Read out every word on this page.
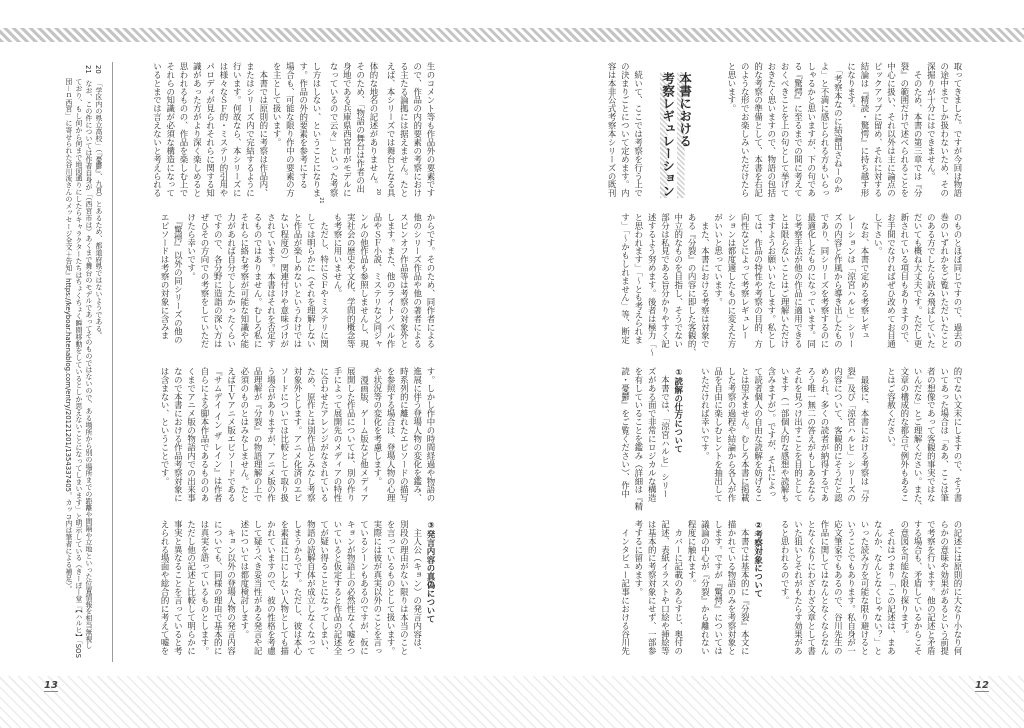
取ってきました。ですが今回は物語
の途中までしか扱わないため、その
深掘りが十分にはできません。
　そのため、本書の第三章では『分
裂』の範囲だけで述べられることを
中心に扱い、それ以外は主に論点の
ピックアップに留め、それに対する
結論は『精読・驚愕』に持ち越す形
になります。
　「考察本なのに結論出さねーのか
よ」と不満に感じられる方もいらっ
しゃるかと思いますが、下の句であ
る『驚愕』に至るまでの間に考えて
おくべきことを上の句として挙げて
おきたく思いますので、物語の包括
的な考察の準備として、本書を右記
のような形でお楽しみいただけたら
と思います。
本書における
考察レギュレーション
　続いて、ここでは考察を行う上で
の決まりごとについて定めます。内
容は本非公式考察本シリーズの既刊
のものとほぼ同じですので、過去の
巻のいずれかをご覧いただいたこと
のある方でしたら読み飛ばしていた
だいても概ね大丈夫です。ただし更
新されている項目もありますので、
お手間でなければぜひ改めてお目通
し下さい。
　なお、本書で定める考察レギュ
レーションは「涼宮ハルヒ」シリー
ズの内容と作風から導き出したもの
であり、同シリーズを考察するのに
最適化したものになっています。同
じ考察手法が他の作品に適用できる
とは限らないことはご理解いただけ
ますようお願いいたします。私とし
ては、作品の特性や考察の目的、方
向性などによって考察レギュレー
ションは都度適したものに変えた方
がいいと思っています。
　また、本書における考察は対象で
ある『分裂』の内容に即した客観的、
中立的なものを目指し、そうでない
部分は私見である旨分かりやすく記
述するよう努めます。後者は極力「〜
と思われます」「〜とも考えられま
す」「〜かもしれません」等、断定
的でない文末にしますので、そう書
いてあった場合は「ああ、ここは筆
者の想像であって客観的事実ではな
いんだな」とご理解ください。また、
文章の構成的な都合で例外もあるこ
とはご容赦ください。
　最後に、本書における考察は『分
裂』及び「涼宮ハルヒ」シリーズの
内容について、客観的にそうだと認
められ、多くの読者が納得するであ
ろう唯一無二の答えがもしあるなら
それを見つけ出すことを目的として
います（一部個人的な感想や読解も
含みますが）。ですが、それによっ
て読者個人の自由な読解を妨げるこ
とは望みません。むしろ本書に掲載
した考察の過程や結論から各人が作
品を自由に楽しむヒントを抽出して
いただければ幸いです。
①読解の仕方について
　本書では、「涼宮ハルヒ」シリー
ズがある面で非常にロジカルな構造
を有していることを鑑み（詳細は『精
読・憂鬱』をご覧ください）、作中
の記述には原則的に大なり小なり何
らかの意味や効果があるという前提
で考察を行います。他の記述と矛盾
する場合も、矛盾しているからこそ
の意図を可能な限り探ります。
　それはつまり「この記述は、まあ
なんか、なんとなくじゃない？」と
いった読み方を可能な限り避けると
いうことでもあります。私自身が一
応文筆家でもあるので、谷川先生の
作品に関してはなんとなくならなん
となくなりにわざわざ文章として書
いた狙いとそれがもたらす効果があ
ると思われるのです。
②考察対象について
　本書では基本的に『分裂』本文に
描かれている物語のみを考察対象と
します。ですが『驚愕』については
議論の中心が『分裂』から離れない
程度に触れます。
　カバーに記載のあらすじ、奥付の
記述、表紙イラストや口絵や挿絵等
は基本的に考察対象にせず、一部参
考するに留めます。
　インタビュー記事における谷川先
生のコメント等も作品外の要素です
ので、作品の内的要素の考察におけ
る主たる論拠には据えません。たと
えば、本シリーズでは舞台となる具
体的な地名の記述がありません。$^{20}$
そのため、「物語の舞台は作者の出
身地である兵庫県西宮市がモデルに
なっているので云々」といった考察
し方はしない、ということになりま$^{21}$
す。作品の外的要素を参考にする
場合も、可能な限り作中の要素の方
を主として扱います。
　本書では原則的に考察は作品内、
またはシリーズ内で完結するように
行います。何故なら、本シリーズに
は様々なＳＦ的・ミステリ的引用や
パロディが見られそれらに関する知
識があった方がより深く楽しめると
思われるものの、作品を楽しむ上で
それらの知識が必須な構造になって
いるとまでは言えないと考えられる
からです。そのため、同作者による
他のシリーズ作品や他の著者による
スピンオフ作品等は考察の対象外と
します。また、他のライトノベル作
品やＳＦ小説、ミステリなど同ジャ
ンルの他作品も参照しませんし、現
実社会の歴史や文化、学問的概念等
も考察に用いません。
　ただし、特にＳＦやミステリに関
しては明らかに（それを理解しない
と作品が楽しめないというわけでは
ない程度の）関連付けや意味づけが
されています。本書はそれを否定す
るものではありません。むしろ私に
それらに絡む考察が可能な知識や能
力があれば自分でしたかったくらい
ですので、各分野に造詣の深い方は
ぜひその方向での考察をしていただ
けたら幸いです。
　『驚愕』以外の同シリーズの他の
エピソードは考察の対象に含みま
す。しかし作中の時間経過や物語の
進展に伴う登場人物の変化を鑑み、
時系列的に離れたエピソードの描写
を参照する場合は、登場人物の心理
や状況等の変化を考慮します。
　漫画版、ゲーム版など他メディア
展開した作品については、別の作り
手によって展開先のメディアの特性
に合わせたアレンジがなされている
ため、原作とは別作品とみなし考察
対象外とします。アニメ化済のエピ
ソードについては比較として取り扱
う場合がありますが、アニメ版の作
品理解が『分裂』の物語理解の上で
必須のものとはみなしません。たと
えばＴＶアニメ版エピソードである
『サムデイ イン ザ レイン』は作者
自らによる脚本作品であるもののあ
くまでアニメ版の物語内での出来事
なので本書における作品考察対象に
は含まない、ということです。
③発言内容の真偽について
　主人公（キョン）の発言内容は、
別段の理由がない限りは本当のこと
を言っているものとして扱います。
実際には彼が真実以外のことを言っ
ているシーンもあるのですが、仮に
キョンが物語上の必然性なく嘘をつ
いていると仮定すると作品の記述全
てが疑い得ることになってしまい、
物語の読解自体が成立しなくなって
しまうからです。ただし、彼は本心
を素直に口にしない人物としても描
かれていますので、彼の性格を考慮
して疑うべき妥当性がある発言や記
述については都度検討します。
　キョン以外の登場人物の発言内容
についても、同様の理由で基本的に
は真実を語っているものとします。
ただし他の記述と比較して明らかに
事実と異なることを言っていると考
えられる場面や総合的に考えて嘘を
20「学区内の県立高校」（『憂鬱』、九頁）とあるため、都道府県ではないようである。
21なお、この件については作者自身が「（西宮市は）あくまで舞台のモデルであってそのものではないので、ある場所から別の場所までの距離や間隔や立地といった位置情報を相当無視し
ており、もし何から何まで地図通りにしたらキャラクターたちはちょくちょく瞬間移動をしているとしか思えないことになってしまいます」と明示している（きーぼー堂『【ハルヒ】「SOS
団－ｎ西宮」に寄せられた谷川流さんのメッセージ全文＋告知』https://keyboar.hatenablog.com/entry/20121201/1354337405。カッコ内は筆者による補足）。
13	12
